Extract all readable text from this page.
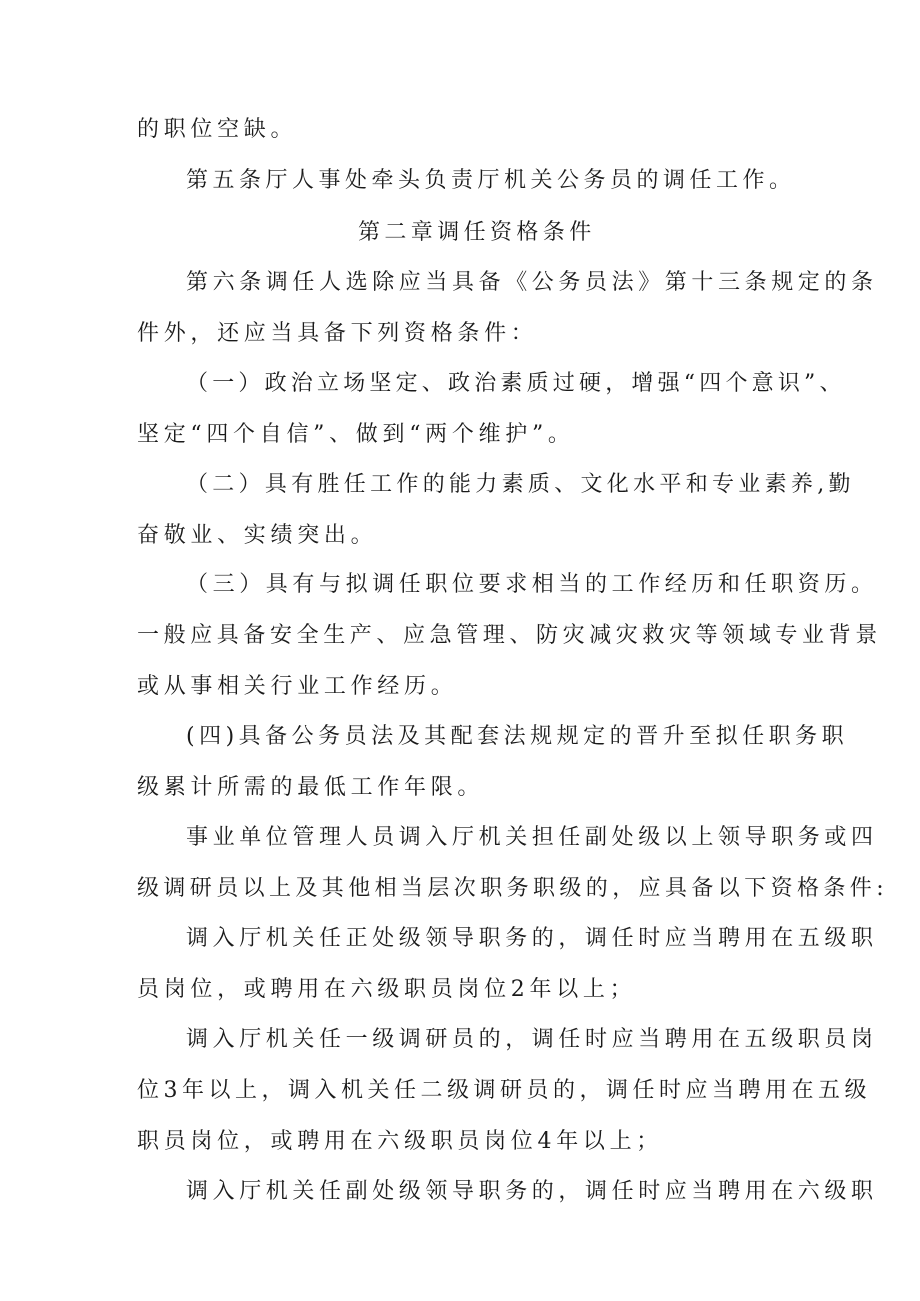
的职位空缺。
第五条厅人事处牵头负责厅机关公务员的调任工作。
第二章调任资格条件
第六条调任人选除应当具备《公务员法》第十三条规定的条
件外，还应当具备下列资格条件：
（一）政治立场坚定、政治素质过硬，增强“四个意识”、
坚定“四个自信”、做到“两个维护”。
（二）具有胜任工作的能力素质、文化水平和专业素养,勤
奋敬业、实绩突出。
（三）具有与拟调任职位要求相当的工作经历和任职资历。
一般应具备安全生产、应急管理、防灾减灾救灾等领域专业背景
或从事相关行业工作经历。
(四)具备公务员法及其配套法规规定的晋升至拟任职务职
级累计所需的最低工作年限。
事业单位管理人员调入厅机关担任副处级以上领导职务或四
级调研员以上及其他相当层次职务职级的，应具备以下资格条件:
调入厅机关任正处级领导职务的，调任时应当聘用在五级职
员岗位，或聘用在六级职员岗位2年以上；
调入厅机关任一级调研员的，调任时应当聘用在五级职员岗
位3年以上，调入机关任二级调研员的，调任时应当聘用在五级
职员岗位，或聘用在六级职员岗位4年以上；
调入厅机关任副处级领导职务的，调任时应当聘用在六级职
